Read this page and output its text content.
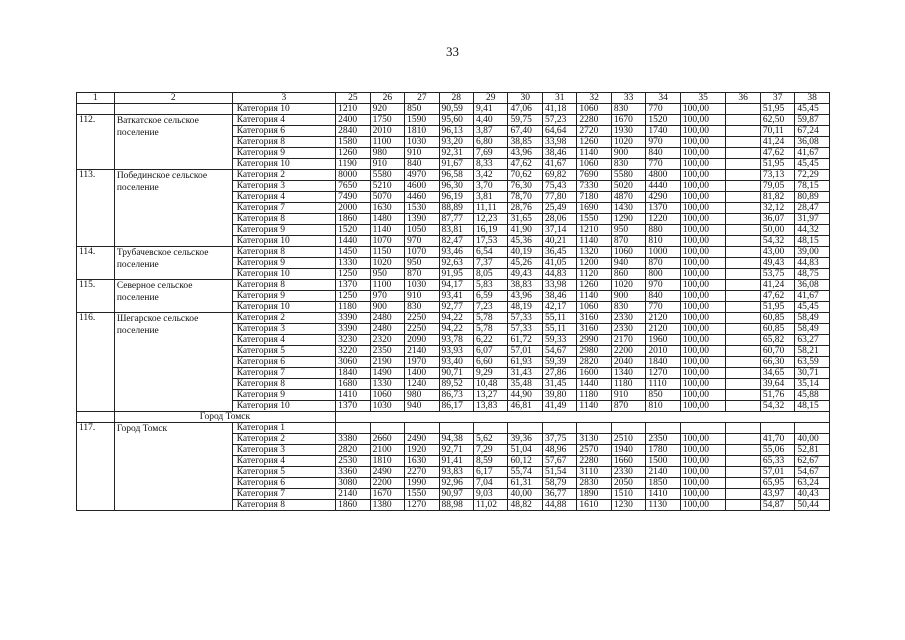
33
1	2	3	25	26	27	28	29	30	31	32	33	34	35	36	37	38
		Категория 10	1210	920	850	90,59	9,41	47,06	41,18	1060	830	770	100,00		51,95	45,45
112.	Ваткатское сельское поселение	Категория 4	2400	1750	1590	95,60	4,40	59,75	57,23	2280	1670	1520	100,00		62,50	59,87
		Категория 6	2840	2010	1810	96,13	3,87	67,40	64,64	2720	1930	1740	100,00		70,11	67,24
		Категория 8	1580	1100	1030	93,20	6,80	38,85	33,98	1260	1020	970	100,00		41,24	36,08
		Категория 9	1260	980	910	92,31	7,69	43,96	38,46	1140	900	840	100,00		47,62	41,67
		Категория 10	1190	910	840	91,67	8,33	47,62	41,67	1060	830	770	100,00		51,95	45,45
113.	Побединское сельское поселение	Категория 2	8000	5580	4970	96,58	3,42	70,62	69,82	7690	5580	4800	100,00		73,13	72,29
		Категория 3	7650	5210	4600	96,30	3,70	76,30	75,43	7330	5020	4440	100,00		79,05	78,15
		Категория 4	7490	5070	4460	96,19	3,81	78,70	77,80	7180	4870	4290	100,00		81,82	80,89
		Категория 7	2000	1630	1530	88,89	11,11	28,76	25,49	1690	1430	1370	100,00		32,12	28,47
		Категория 8	1860	1480	1390	87,77	12,23	31,65	28,06	1550	1290	1220	100,00		36,07	31,97
		Категория 9	1520	1140	1050	83,81	16,19	41,90	37,14	1210	950	880	100,00		50,00	44,32
		Категория 10	1440	1070	970	82,47	17,53	45,36	40,21	1140	870	810	100,00		54,32	48,15
114.	Трубачевское сельское поселение	Категория 8	1450	1150	1070	93,46	6,54	40,19	36,45	1320	1060	1000	100,00		43,00	39,00
		Категория 9	1330	1020	950	92,63	7,37	45,26	41,05	1200	940	870	100,00		49,43	44,83
		Категория 10	1250	950	870	91,95	8,05	49,43	44,83	1120	860	800	100,00		53,75	48,75
115.	Северное сельское поселение	Категория 8	1370	1100	1030	94,17	5,83	38,83	33,98	1260	1020	970	100,00		41,24	36,08
		Категория 9	1250	970	910	93,41	6,59	43,96	38,46	1140	900	840	100,00		47,62	41,67
		Категория 10	1180	900	830	92,77	7,23	48,19	42,17	1060	830	770	100,00		51,95	45,45
116.	Шегарское сельское поселение	Категория 2	3390	2480	2250	94,22	5,78	57,33	55,11	3160	2330	2120	100,00		60,85	58,49
		Категория 3	3390	2480	2250	94,22	5,78	57,33	55,11	3160	2330	2120	100,00		60,85	58,49
		Категория 4	3230	2320	2090	93,78	6,22	61,72	59,33	2990	2170	1960	100,00		65,82	63,27
		Категория 5	3220	2350	2140	93,93	6,07	57,01	54,67	2980	2200	2010	100,00		60,70	58,21
		Категория 6	3060	2190	1970	93,40	6,60	61,93	59,39	2820	2040	1840	100,00		66,30	63,59
		Категория 7	1840	1490	1400	90,71	9,29	31,43	27,86	1600	1340	1270	100,00		34,65	30,71
		Категория 8	1680	1330	1240	89,52	10,48	35,48	31,45	1440	1180	1110	100,00		39,64	35,14
		Категория 9	1410	1060	980	86,73	13,27	44,90	39,80	1180	910	850	100,00		51,76	45,88
		Категория 10	1370	1030	940	86,17	13,83	46,81	41,49	1140	870	810	100,00		54,32	48,15
	Город Томск															
117.	Город Томск	Категория 1														
		Категория 2	3380	2660	2490	94,38	5,62	39,36	37,75	3130	2510	2350	100,00		41,70	40,00
		Категория 3	2820	2100	1920	92,71	7,29	51,04	48,96	2570	1940	1780	100,00		55,06	52,81
		Категория 4	2530	1810	1630	91,41	8,59	60,12	57,67	2280	1660	1500	100,00		65,33	62,67
		Категория 5	3360	2490	2270	93,83	6,17	55,74	51,54	3110	2330	2140	100,00		57,01	54,67
		Категория 6	3080	2200	1990	92,96	7,04	61,31	58,79	2830	2050	1850	100,00		65,95	63,24
		Категория 7	2140	1670	1550	90,97	9,03	40,00	36,77	1890	1510	1410	100,00		43,97	40,43
		Категория 8	1860	1380	1270	88,98	11,02	48,82	44,88	1610	1230	1130	100,00		54,87	50,44
